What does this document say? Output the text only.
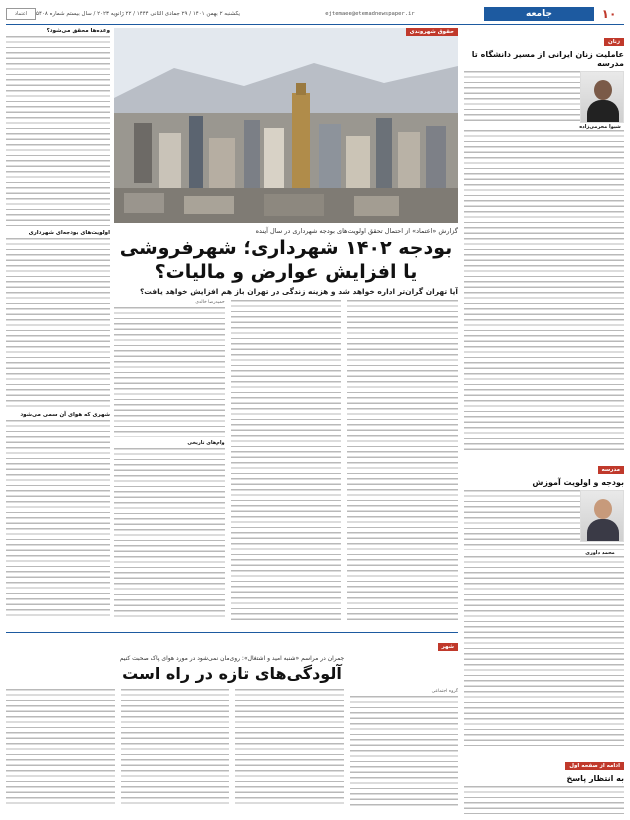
۱۰
جامعه
ejtemaee@etemadnewspaper.ir
یکشنبه ۲ بهمن ۱۴۰۱ / ۲۹ جمادی الثانی ۱۴۴۴ / ۲۲ ژانویه ۲۰۲۳ / سال بیستم شماره ۵۴۰۸
اعتماد
زنان
عاملیت زنان ایرانی از مسیر دانشگاه تا مدرسه
شیوا محرمی‌زاده
مدرسه
بودجه و اولویت آموزش
محمد داوری
ادامه از صفحه اول
به انتظار پاسخ
حقوق شهروندی
گزارش «اعتماد» از احتمال تحقق اولویت‌های بودجه شهرداری در سال آینده
بودجه ۱۴۰۲ شهرداری؛ شهرفروشی
یا افزایش عوارض و مالیات؟
آیا تهران گران‌تر اداره خواهد شد و هزینه زندگی در تهران باز هم افزایش خواهد یافت؟
حمیدرضا خالدی
وام‌های تاریخی
وعده‌ها محقق می‌شود؟
اولویت‌های بودجه‌ای شهرداری
شهری که هوای آن سمی می‌شود
شهر
جمران در مراسم «شنبه امید و اشتغال»: روی‌مان نمی‌شود در مورد هوای پاک صحبت کنیم
آلودگی‌های تازه در راه است
گروه اجتماعی
